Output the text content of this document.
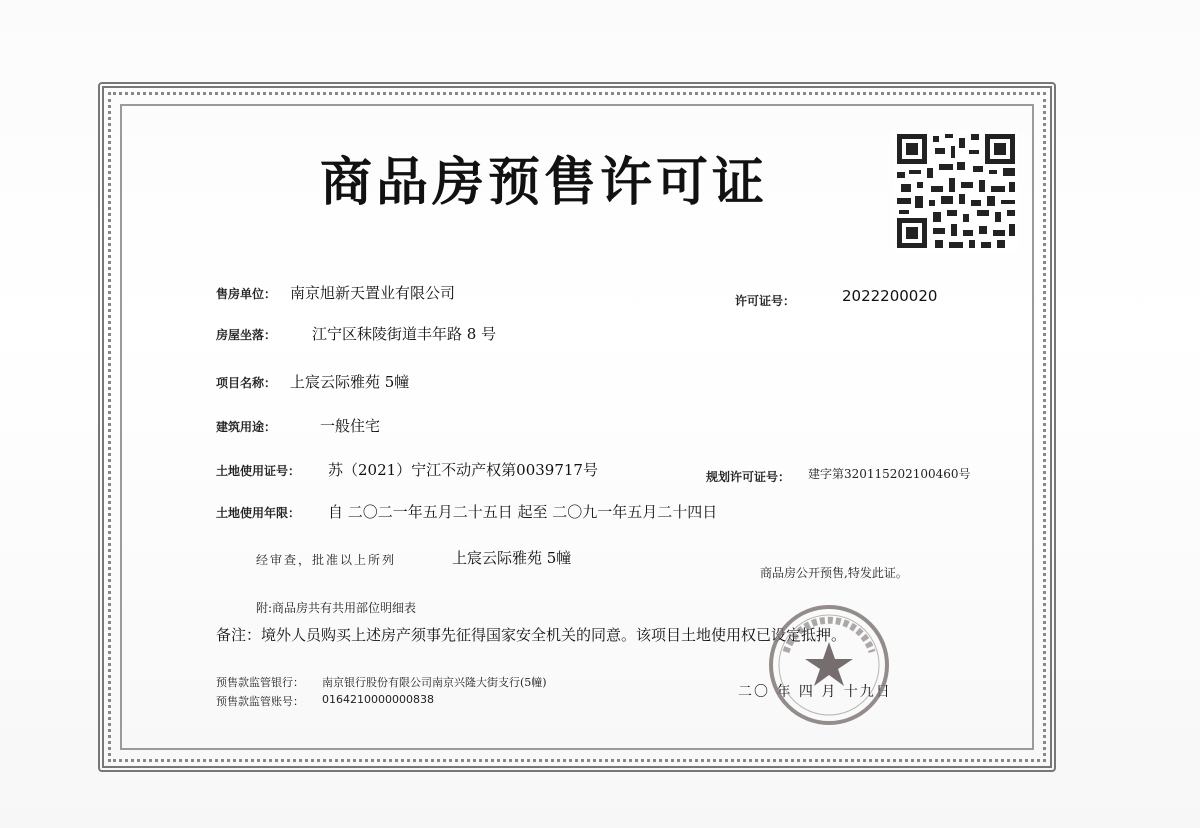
商品房预售许可证
售房单位： 南京旭新天置业有限公司	许可证号：	2022200020
房屋坐落： 江宁区秣陵街道丰年路 8 号
项目名称： 上宸云际雅苑 5幢
建筑用途：	一般住宅
土地使用证号： 苏（2021）宁江不动产权第0039717号	规划许可证号： 建字第320115202100460号
土地使用年限： 自 二〇二一年五月二十五日 起至 二〇九一年五月二十四日
经审查，批准以上所列	上宸云际雅苑 5幢
商品房公开预售,特发此证。
附:商品房共有共用部位明细表
备注：境外人员购买上述房产须事先征得国家安全机关的同意。该项目土地使用权已设定抵押。
预售款监管银行： 南京银行股份有限公司南京兴隆大街支行(5幢)
预售款监管账号： 0164210000000838	二〇 年 四 月 十九日
